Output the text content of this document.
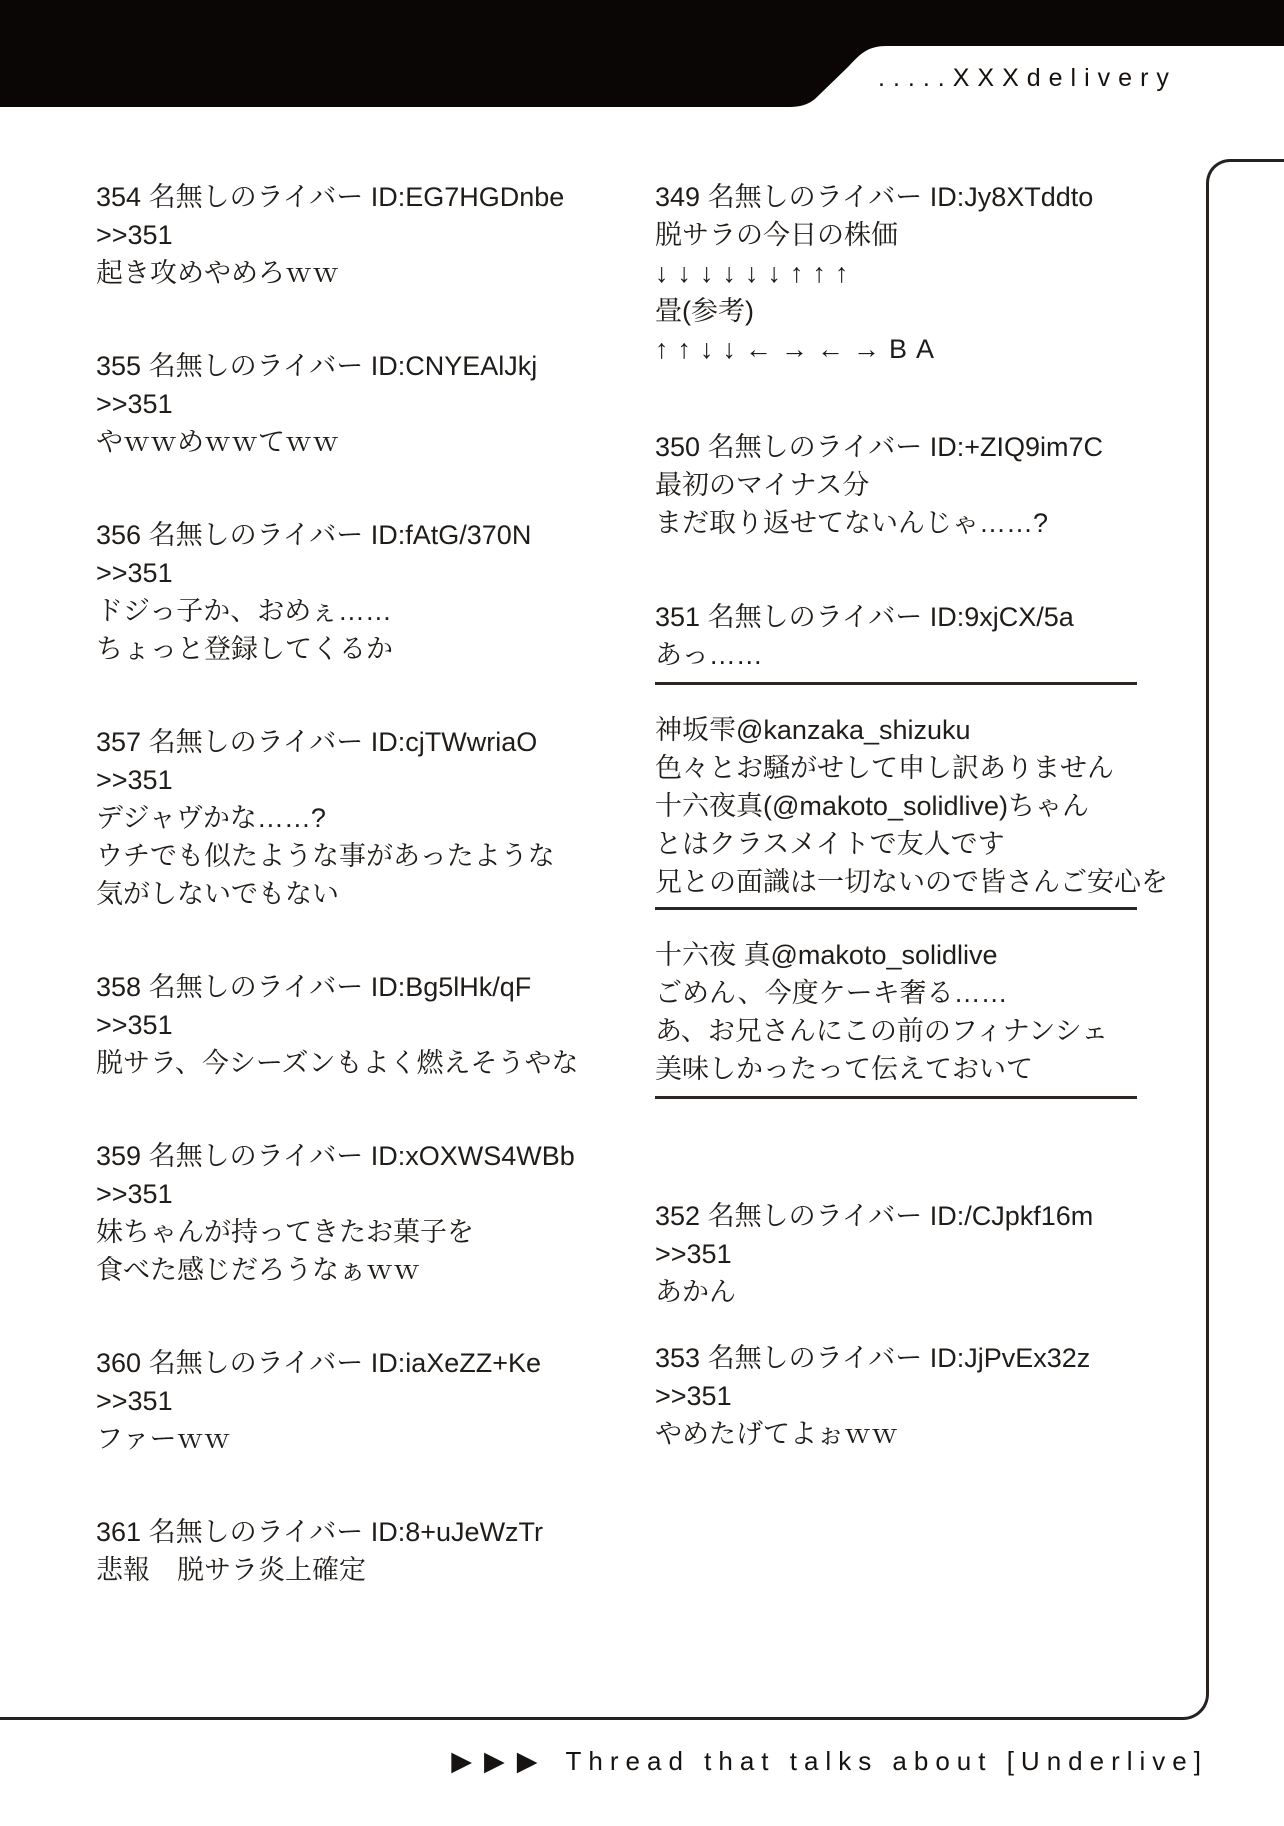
.....XXXdelivery
354 名無しのライバー ID:EG7HGDnbe
>>351
起き攻めやめろｗｗ
355 名無しのライバー ID:CNYEAlJkj
>>351
やｗｗめｗｗてｗｗ
356 名無しのライバー ID:fAtG/370N
>>351
ドジっ子か、おめぇ……
ちょっと登録してくるか
357 名無しのライバー ID:cjTWwriaO
>>351
デジャヴかな……?
ウチでも似たような事があったような
気がしないでもない
358 名無しのライバー ID:Bg5lHk/qF
>>351
脱サラ、今シーズンもよく燃えそうやな
359 名無しのライバー ID:xOXWS4WBb
>>351
妹ちゃんが持ってきたお菓子を
食べた感じだろうなぁｗｗ
360 名無しのライバー ID:iaXeZZ+Ke
>>351
ファーｗｗ
361 名無しのライバー ID:8+uJeWzTr
悲報　脱サラ炎上確定
349 名無しのライバー ID:Jy8XTddto
脱サラの今日の株価
↓↓↓↓↓↓↑↑↑
畳(参考)
↑↑↓↓←→←→BA
350 名無しのライバー ID:+ZIQ9im7C
最初のマイナス分
まだ取り返せてないんじゃ……?
351 名無しのライバー ID:9xjCX/5a
あっ……
神坂雫@kanzaka_shizuku
色々とお騒がせして申し訳ありません
十六夜真(@makoto_solidlive)ちゃん
とはクラスメイトで友人です
兄との面識は一切ないので皆さんご安心を
十六夜 真@makoto_solidlive
ごめん、今度ケーキ奢る……
あ、お兄さんにこの前のフィナンシェ
美味しかったって伝えておいて
352 名無しのライバー ID:/CJpkf16m
>>351
あかん
353 名無しのライバー ID:JjPvEx32z
>>351
やめたげてよぉｗｗ
▶▶▶ Thread that talks about [Underlive]
